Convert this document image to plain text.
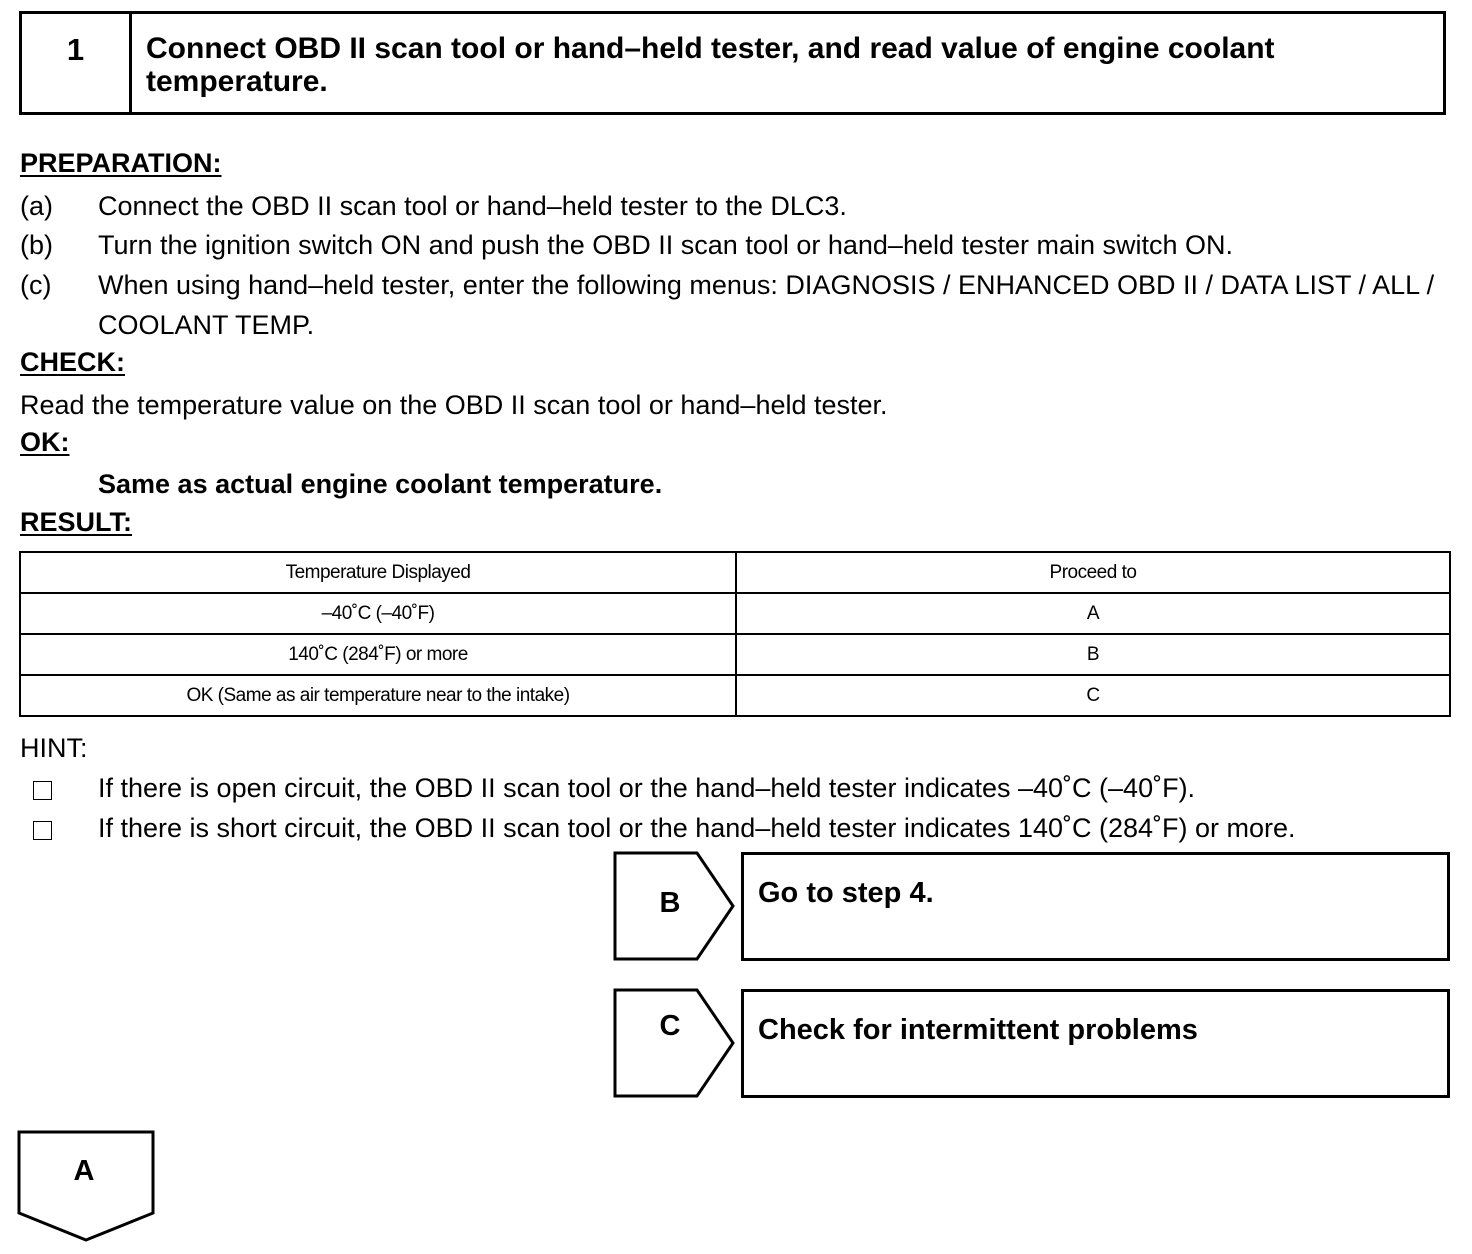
1	Connect OBD II scan tool or hand–held tester, and read value of engine coolant temperature.
PREPARATION:
(a) Connect the OBD II scan tool or hand–held tester to the DLC3.
(b) Turn the ignition switch ON and push the OBD II scan tool or hand–held tester main switch ON.
(c) When using hand–held tester, enter the following menus: DIAGNOSIS / ENHANCED OBD II / DATA LIST / ALL / COOLANT TEMP.
CHECK:
Read the temperature value on the OBD II scan tool or hand–held tester.
OK:
Same as actual engine coolant temperature.
RESULT:
Temperature Displayed	Proceed to
–40˚C (–40˚F)	A
140˚C (284˚F) or more	B
OK (Same as air temperature near to the intake)	C
HINT:
If there is open circuit, the OBD II scan tool or the hand–held tester indicates –40˚C (–40˚F).
If there is short circuit, the OBD II scan tool or the hand–held tester indicates 140˚C (284˚F) or more.
B	Go to step 4.
C	Check for intermittent problems
A
